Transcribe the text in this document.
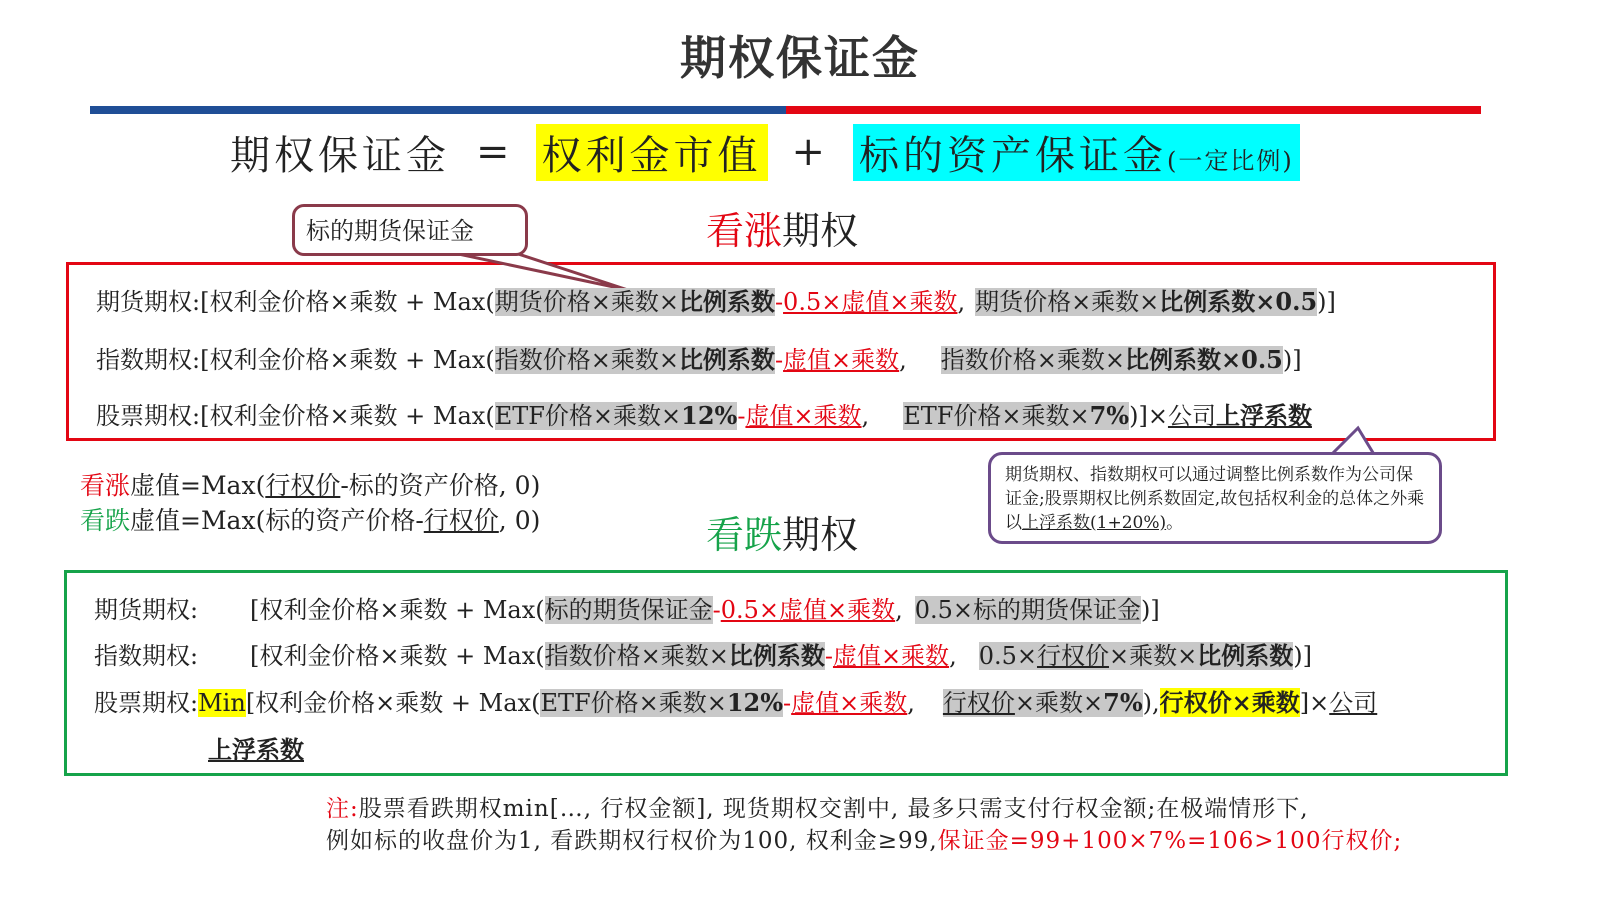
期权保证金
期权保证金 = 权利金市值 + 标的资产保证金(一定比例)
看涨期权
标的期货保证金
期货期权:[权利金价格×乘数 + Max(期货价格×乘数×比例系数-0.5×虚值×乘数, 期货价格×乘数×比例系数×0.5)]
指数期权:[权利金价格×乘数 + Max(指数价格×乘数×比例系数-虚值×乘数, 指数价格×乘数×比例系数×0.5)]
股票期权:[权利金价格×乘数 + Max(ETF价格×乘数×12%-虚值×乘数, ETF价格×乘数×7%)]×公司上浮系数
看涨虚值=Max(行权价-标的资产价格, 0)
看跌虚值=Max(标的资产价格-行权价, 0)
期货期权、指数期权可以通过调整比例系数作为公司保证金;股票期权比例系数固定,故包括权利金的总体之外乘以上浮系数(1+20%)。
看跌期权
期货期权: [权利金价格×乘数 + Max(标的期货保证金-0.5×虚值×乘数, 0.5×标的期货保证金)]
指数期权: [权利金价格×乘数 + Max(指数价格×乘数×比例系数-虚值×乘数, 0.5×行权价×乘数×比例系数)]
股票期权:Min[权利金价格×乘数 + Max(ETF价格×乘数×12%-虚值×乘数, 行权价×乘数×7%),行权价×乘数]×公司
上浮系数
注:股票看跌期权min[…, 行权金额], 现货期权交割中, 最多只需支付行权金额;在极端情形下,
例如标的收盘价为1, 看跌期权行权价为100, 权利金≥99,保证金=99+100×7%=106>100行权价;
